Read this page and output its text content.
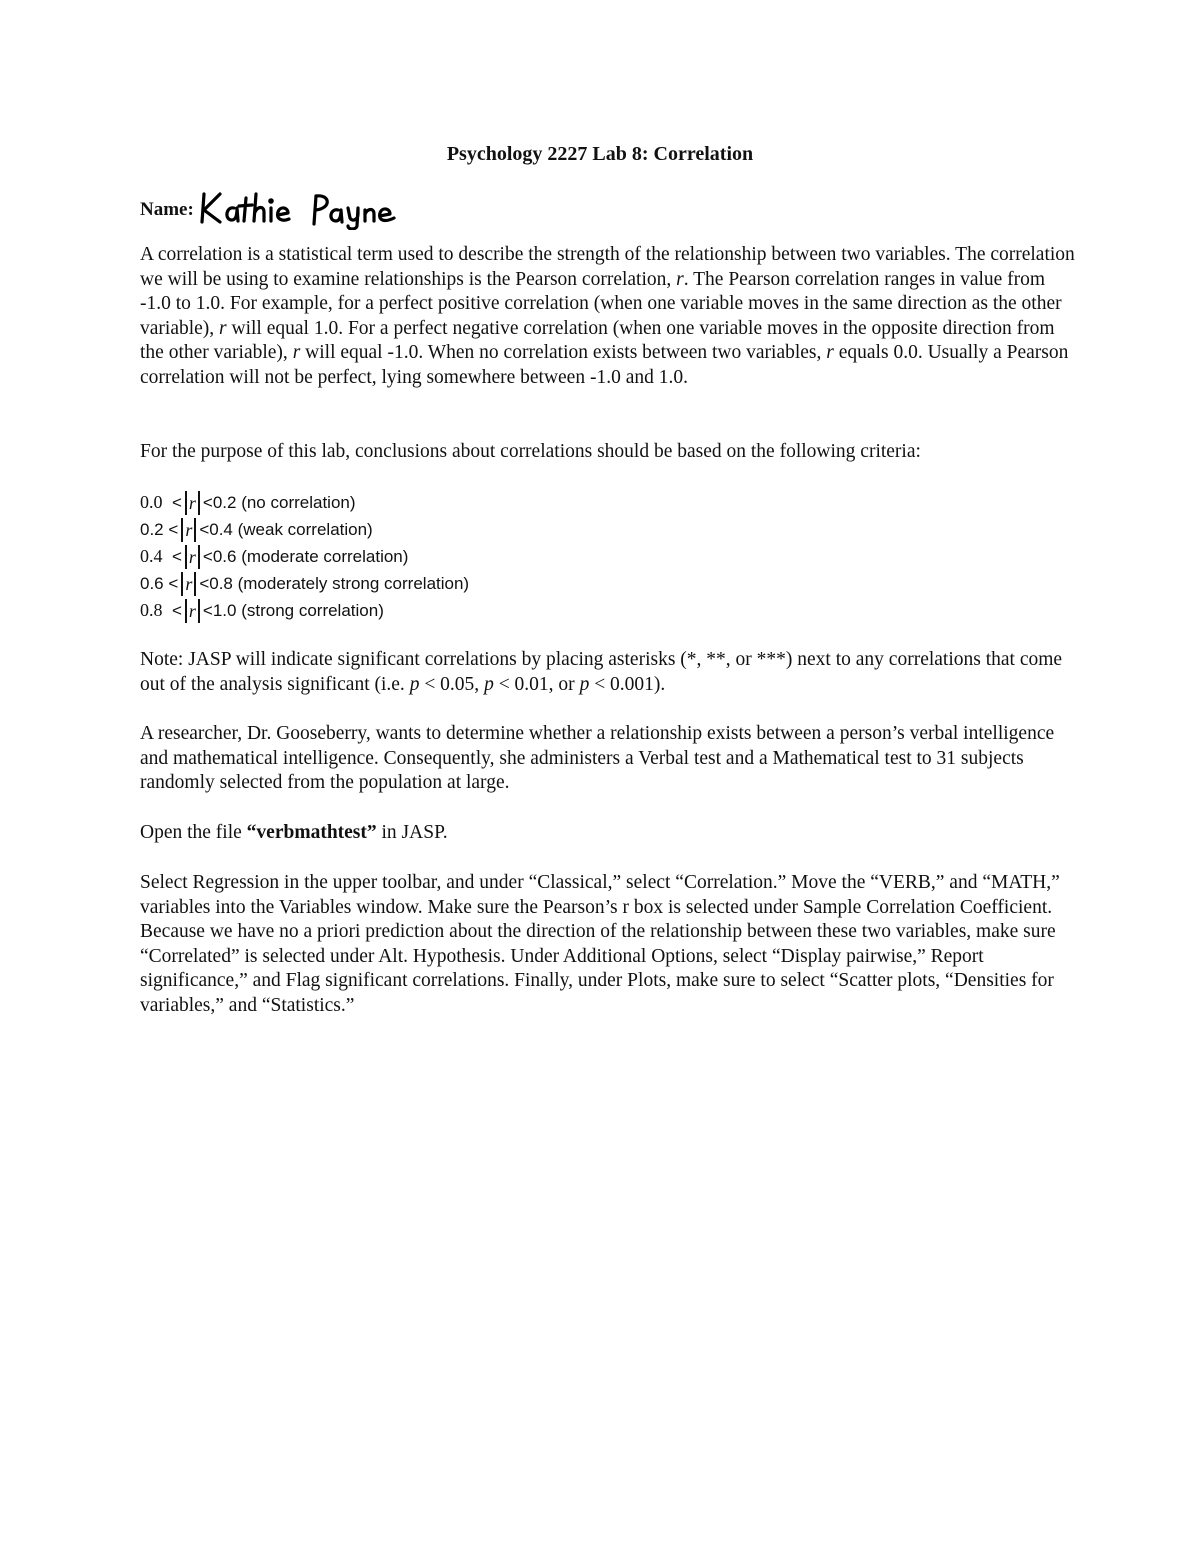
Psychology 2227 Lab 8: Correlation
Name:

A correlation is a statistical term used to describe the strength of the relationship between two variables. The correlation we will be using to examine relationships is the Pearson correlation, r. The Pearson correlation ranges in value from -1.0 to 1.0. For example, for a perfect positive correlation (when one variable moves in the same direction as the other variable), r will equal 1.0. For a perfect negative correlation (when one variable moves in the opposite direction from the other variable), r will equal -1.0. When no correlation exists between two variables, r equals 0.0. Usually a Pearson correlation will not be perfect, lying somewhere between -1.0 and 1.0.

For the purpose of this lab, conclusions about correlations should be based on the following criteria:

0.0
< r <0.2 (no correlation)
0.2
< r <0.4 (weak correlation)
0.4
< r <0.6 (moderate correlation)
0.6
< r <0.8 (moderately strong correlation)
0.8
< r <1.0 (strong correlation)

Note: JASP will indicate significant correlations by placing asterisks (*, **, or ***) next to any correlations that come out of the analysis significant (i.e. p < 0.05, p < 0.01, or p < 0.001).

A researcher, Dr. Gooseberry, wants to determine whether a relationship exists between a person’s verbal intelligence and mathematical intelligence. Consequently, she administers a Verbal test and a Mathematical test to 31 subjects randomly selected from the population at large.

Open the file “verbmathtest” in JASP.

Select Regression in the upper toolbar, and under “Classical,” select “Correlation.” Move the “VERB,” and “MATH,” variables into the Variables window. Make sure the Pearson’s r box is selected under Sample Correlation Coefficient. Because we have no a priori prediction about the direction of the relationship between these two variables, make sure “Correlated” is selected under Alt. Hypothesis. Under Additional Options, select “Display pairwise,” Report significance,” and Flag significant correlations. Finally, under Plots, make sure to select “Scatter plots, “Densities for variables,” and “Statistics.”
